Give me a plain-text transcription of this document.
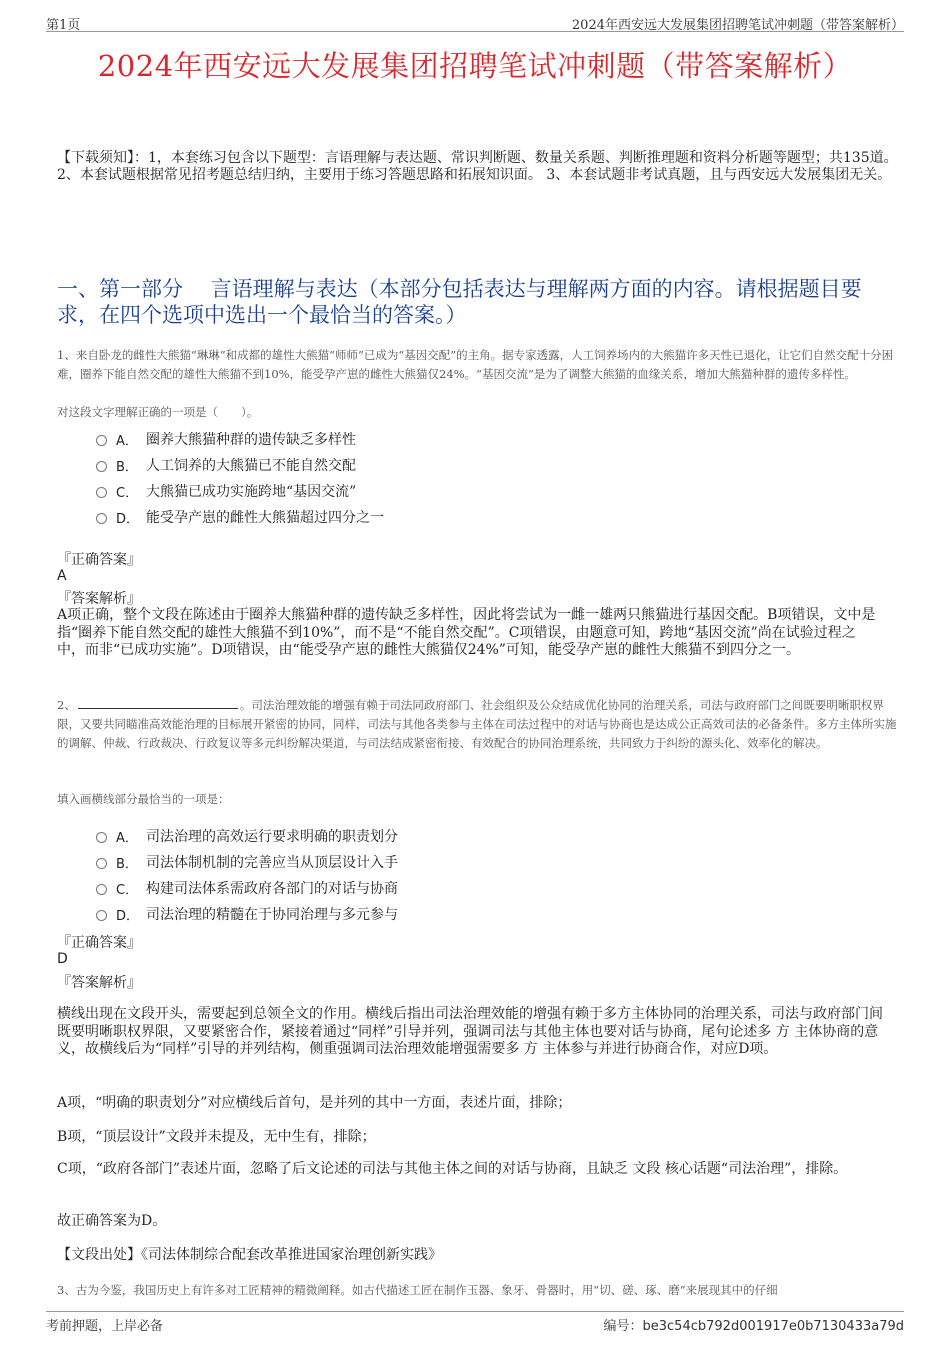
第1页	2024年西安远大发展集团招聘笔试冲刺题（带答案解析）
2024年西安远大发展集团招聘笔试冲刺题（带答案解析）
【下载须知】：1，本套练习包含以下题型：言语理解与表达题、常识判断题、数量关系题、判断推理题和资料分析题等题型；共135道。 2、本套试题根据常见招考题总结归纳，主要用于练习答题思路和拓展知识面。 3、本套试题非考试真题，且与西安远大发展集团无关。
一、第一部分　 言语理解与表达（本部分包括表达与理解两方面的内容。请根据题目要求，在四个选项中选出一个最恰当的答案。）
1、来自卧龙的雌性大熊猫“琳琳”和成都的雄性大熊猫“师师”已成为“基因交配”的主角。据专家透露，人工饲养场内的大熊猫许多天性已退化，让它们自然交配十分困难，圈养下能自然交配的雄性大熊猫不到10%，能受孕产崽的雌性大熊猫仅24%。“基因交流”是为了调整大熊猫的血缘关系，增加大熊猫种群的遗传多样性。
对这段文字理解正确的一项是（　　）。
A． 圈养大熊猫种群的遗传缺乏多样性
B． 人工饲养的大熊猫已不能自然交配
C． 大熊猫已成功实施跨地“基因交流”
D． 能受孕产崽的雌性大熊猫超过四分之一
『正确答案』
A
『答案解析』
A项正确，整个文段在陈述由于圈养大熊猫种群的遗传缺乏多样性，因此将尝试为一雌一雄两只熊猫进行基因交配。B项错误，文中是指“圈养下能自然交配的雄性大熊猫不到10%”，而不是“不能自然交配”。C项错误，由题意可知，跨地“基因交流”尚在试验过程之中，而非“已成功实施”。D项错误，由“能受孕产崽的雌性大熊猫仅24%”可知，能受孕产崽的雌性大熊猫不到四分之一。
2、	。司法治理效能的增强有赖于司法同政府部门、社会组织及公众结成优化协同的治理关系，司法与政府部门之间既要明晰职权界限，又要共同瞄准高效能治理的目标展开紧密的协同，同样，司法与其他各类参与主体在司法过程中的对话与协商也是达成公正高效司法的必备条件。多方主体所实施的调解、仲裁、行政裁决、行政复议等多元纠纷解决渠道，与司法结成紧密衔接、有效配合的协同治理系统，共同致力于纠纷的源头化、效率化的解决。
填入画横线部分最恰当的一项是：
A． 司法治理的高效运行要求明确的职责划分
B． 司法体制机制的完善应当从顶层设计入手
C． 构建司法体系需政府各部门的对话与协商
D． 司法治理的精髓在于协同治理与多元参与
『正确答案』
D
『答案解析』
横线出现在文段开头，需要起到总领全文的作用。横线后指出司法治理效能的增强有赖于多方主体协同的治理关系，司法与政府部门间既要明晰职权界限，又要紧密合作，紧接着通过“同样”引导并列，强调司法与其他主体也要对话与协商，尾句论述多 方 主体协商的意义，故横线后为“同样”引导的并列结构，侧重强调司法治理效能增强需要多 方 主体参与并进行协商合作，对应D项。
A项，“明确的职责划分”对应横线后首句，是并列的其中一方面，表述片面，排除；
B项，“顶层设计”文段并未提及，无中生有，排除；
C项，“政府各部门”表述片面，忽略了后文论述的司法与其他主体之间的对话与协商，且缺乏 文段 核心话题“司法治理”，排除。
故正确答案为D。
【文段出处】《司法体制综合配套改革推进国家治理创新实践》
3、古为今鉴，我国历史上有许多对工匠精神的精微阐释。如古代描述工匠在制作玉器、象牙、骨器时，用“切、磋、琢、磨”来展现其中的仔细
考前押题，上岸必备	编号：be3c54cb792d001917e0b7130433a79d
